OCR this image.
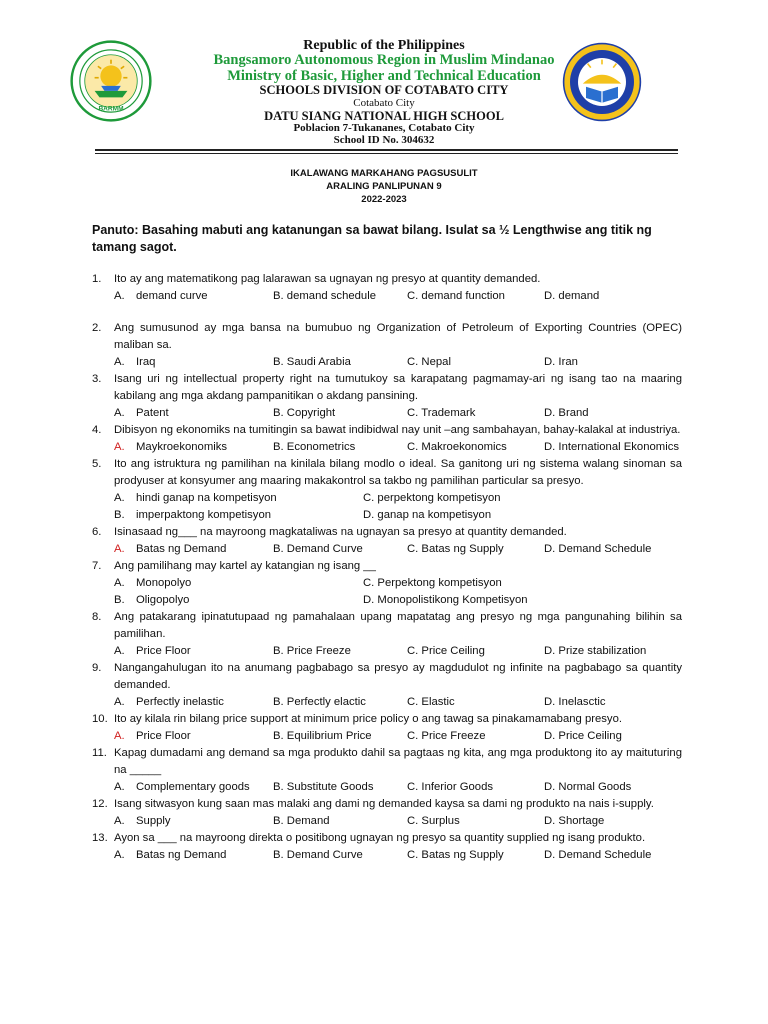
Republic of the Philippines
Bangsamoro Autonomous Region in Muslim Mindanao
Ministry of Basic, Higher and Technical Education
SCHOOLS DIVISION OF COTABATO CITY
Cotabato City
DATU SIANG NATIONAL HIGH SCHOOL
Poblacion 7-Tukananes, Cotabato City
School ID No. 304632
BARMM
IKALAWANG MARKAHANG PAGSUSULIT
ARALING PANLIPUNAN 9
2022-2023
Panuto: Basahing mabuti ang katanungan sa bawat bilang. Isulat sa ½ Lengthwise ang titik ng tamang sagot.
1. Ito ay ang matematikong pag lalarawan sa ugnayan ng presyo at quantity demanded.
A. demand curve	B. demand schedule	C. demand function	D. demand
2. Ang sumusunod ay mga bansa na bumubuo ng Organization of Petroleum of Exporting Countries (OPEC) maliban sa.
A. Iraq	B. Saudi Arabia	C. Nepal	D. Iran
3. Isang uri ng intellectual property right na tumutukoy sa karapatang pagmamay-ari ng isang tao na maaring kabilang ang mga akdang pampanitikan o akdang pansining.
A. Patent	B. Copyright	C. Trademark	D. Brand
4. Dibisyon ng ekonomiks na tumitingin sa bawat indibidwal nay unit –ang sambahayan, bahay-kalakal at industriya.
A. Maykroekonomiks	B. Econometrics	C. Makroekonomics	D. International Ekonomics
5. Ito ang istruktura ng pamilihan na kinilala bilang modlo o ideal. Sa ganitong uri ng sistema walang sinoman sa prodyuser at konsyumer ang maaring makakontrol sa takbo ng pamilihan particular sa presyo.
A. hindi ganap na kompetisyon	C. perpektong kompetisyon
B. imperpaktong kompetisyon	D. ganap na kompetisyon
6. Isinasaad ng___ na mayroong magkataliwas na ugnayan sa presyo at quantity demanded.
A. Batas ng Demand	B. Demand Curve	C. Batas ng Supply	D. Demand Schedule
7. Ang pamilihang may kartel ay katangian ng isang __
A. Monopolyo	C. Perpektong kompetisyon
B. Oligopolyo	D. Monopolistikong Kompetisyon
8. Ang patakarang ipinatutupaad ng pamahalaan upang mapatatag ang presyo ng mga pangunahing bilihin sa pamilihan.
A. Price Floor	B. Price Freeze	C. Price Ceiling	D. Prize stabilization
9. Nangangahulugan ito na anumang pagbabago sa presyo ay magdudulot ng infinite na pagbabago sa quantity demanded.
A. Perfectly inelastic	B. Perfectly elactic	C. Elastic	D. Inelasctic
10. Ito ay kilala rin bilang price support at minimum price policy o ang tawag sa pinakamamabang presyo.
A. Price Floor	B. Equilibrium Price	C. Price Freeze	D. Price Ceiling
11. Kapag dumadami ang demand sa mga produkto dahil sa pagtaas ng kita, ang mga produktong ito ay maituturing na _____
A. Complementary goods B. Substitute Goods	C. Inferior Goods	D. Normal Goods
12. Isang sitwasyon kung saan mas malaki ang dami ng demanded kaysa sa dami ng produkto na nais i-supply.
A. Supply	B. Demand	C. Surplus	D. Shortage
13. Ayon sa ___ na mayroong direkta o positibong ugnayan ng presyo sa quantity supplied ng isang produkto.
A. Batas ng Demand	B. Demand Curve	C. Batas ng Supply	D. Demand Schedule
